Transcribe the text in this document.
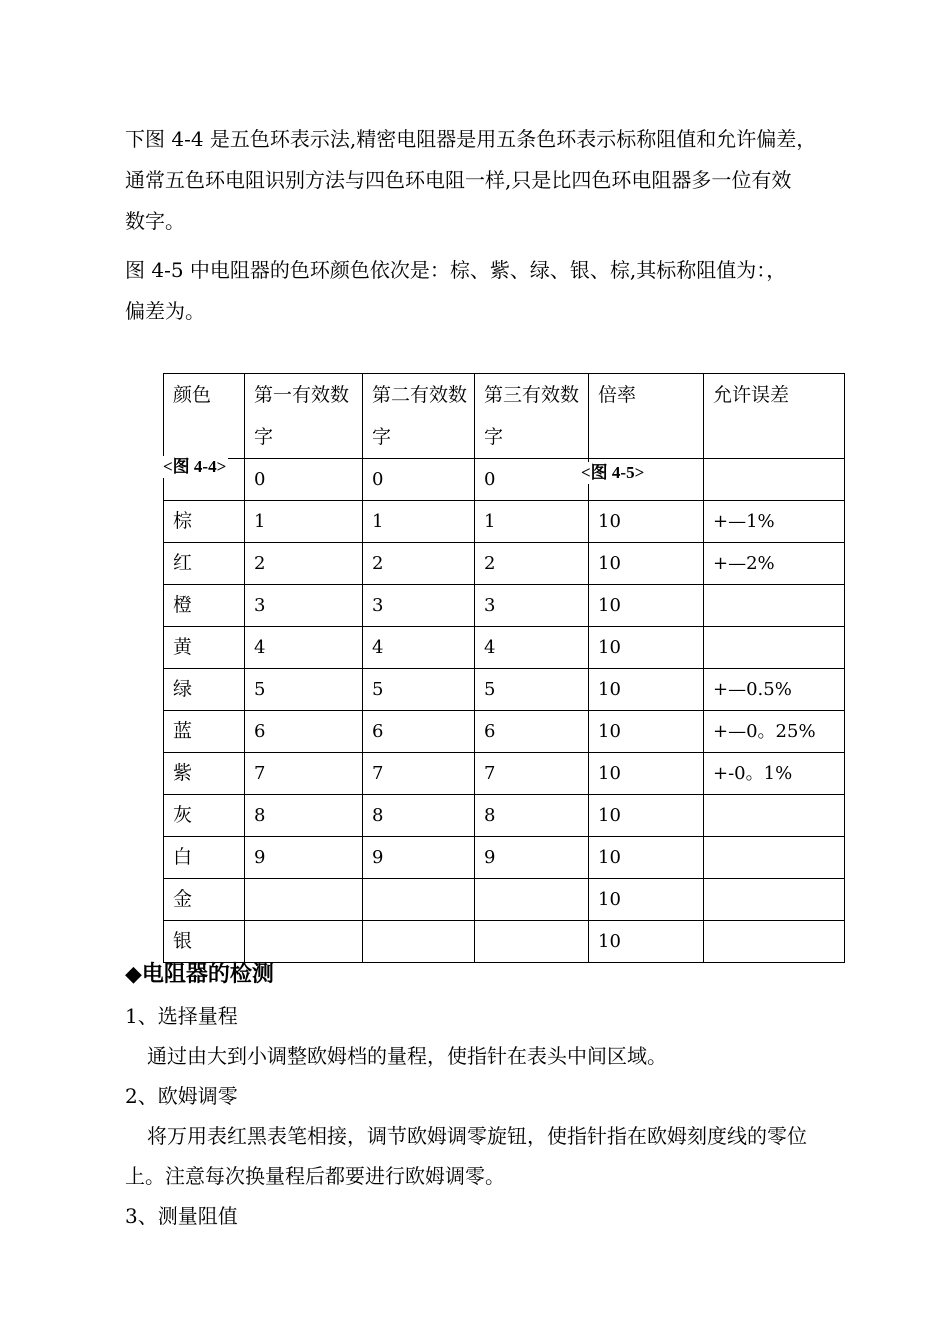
下图 4-4 是五色环表示法,精密电阻器是用五条色环表示标称阻值和允许偏差，

通常五色环电阻识别方法与四色环电阻一样,只是比四色环电阻器多一位有效

数字。

图 4-5 中电阻器的色环颜色依次是：棕、紫、绿、银、棕,其标称阻值为：，

偏差为。

颜色	第一有效数字	第二有效数字	第三有效数字	倍率	允许误差
	0	0	0		
棕	1	1	1	10	+—1%
红	2	2	2	10	+—2%
橙	3	3	3	10	
黄	4	4	4	10	
绿	5	5	5	10	+—0.5%
蓝	6	6	6	10	+—0。25%
紫	7	7	7	10	+-0。1%
灰	8	8	8	10	
白	9	9	9	10	
金				10	
银				10	
<图 4-4>	<图 4-5>

◆电阻器的检测

1、选择量程

通过由大到小调整欧姆档的量程，使指针在表头中间区域。

2、欧姆调零

将万用表红黑表笔相接，调节欧姆调零旋钮，使指针指在欧姆刻度线的零位

上。注意每次换量程后都要进行欧姆调零。

3、测量阻值
